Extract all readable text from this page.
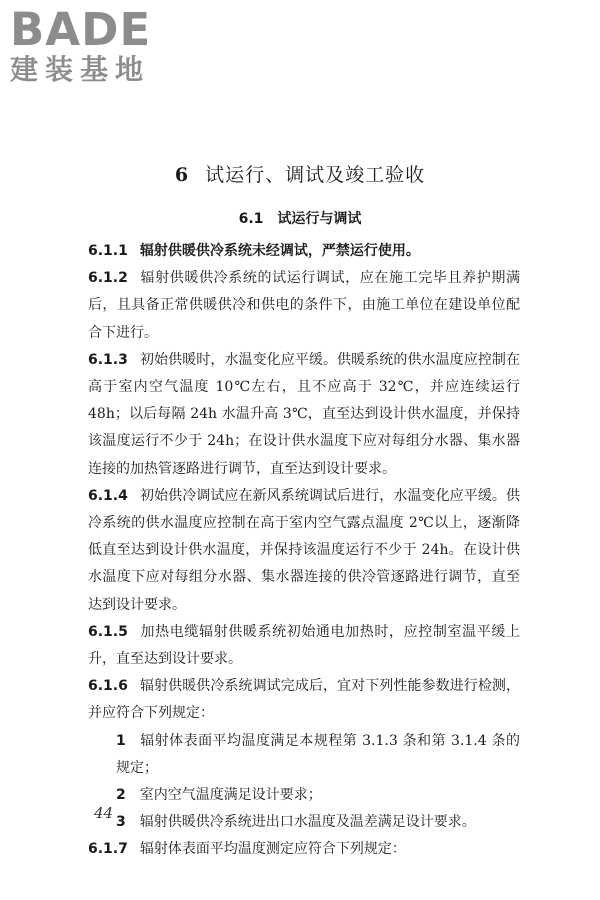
BADE
建装基地
6 试运行、调试及竣工验收
6.1 试运行与调试

6.1.1 辐射供暖供冷系统未经调试，严禁运行使用。

6.1.2 辐射供暖供冷系统的试运行调试，应在施工完毕且养护期满后，且具备正常供暖供冷和供电的条件下，由施工单位在建设单位配合下进行。

6.1.3 初始供暖时，水温变化应平缓。供暖系统的供水温度应控制在高于室内空气温度 10℃左右，且不应高于 32℃，并应连续运行 48h；以后每隔 24h 水温升高 3℃，直至达到设计供水温度，并保持该温度运行不少于 24h；在设计供水温度下应对每组分水器、集水器连接的加热管逐路进行调节，直至达到设计要求。

6.1.4 初始供冷调试应在新风系统调试后进行，水温变化应平缓。供冷系统的供水温度应控制在高于室内空气露点温度 2℃以上，逐渐降低直至达到设计供水温度，并保持该温度运行不少于 24h。在设计供水温度下应对每组分水器、集水器连接的供冷管逐路进行调节，直至达到设计要求。

6.1.5 加热电缆辐射供暖系统初始通电加热时，应控制室温平缓上升，直至达到设计要求。

6.1.6 辐射供暖供冷系统调试完成后，宜对下列性能参数进行检测，并应符合下列规定：

1 辐射体表面平均温度满足本规程第 3.1.3 条和第 3.1.4 条的规定；

2 室内空气温度满足设计要求；

3 辐射供暖供冷系统进出口水温度及温差满足设计要求。

6.1.7 辐射体表面平均温度测定应符合下列规定：

44
